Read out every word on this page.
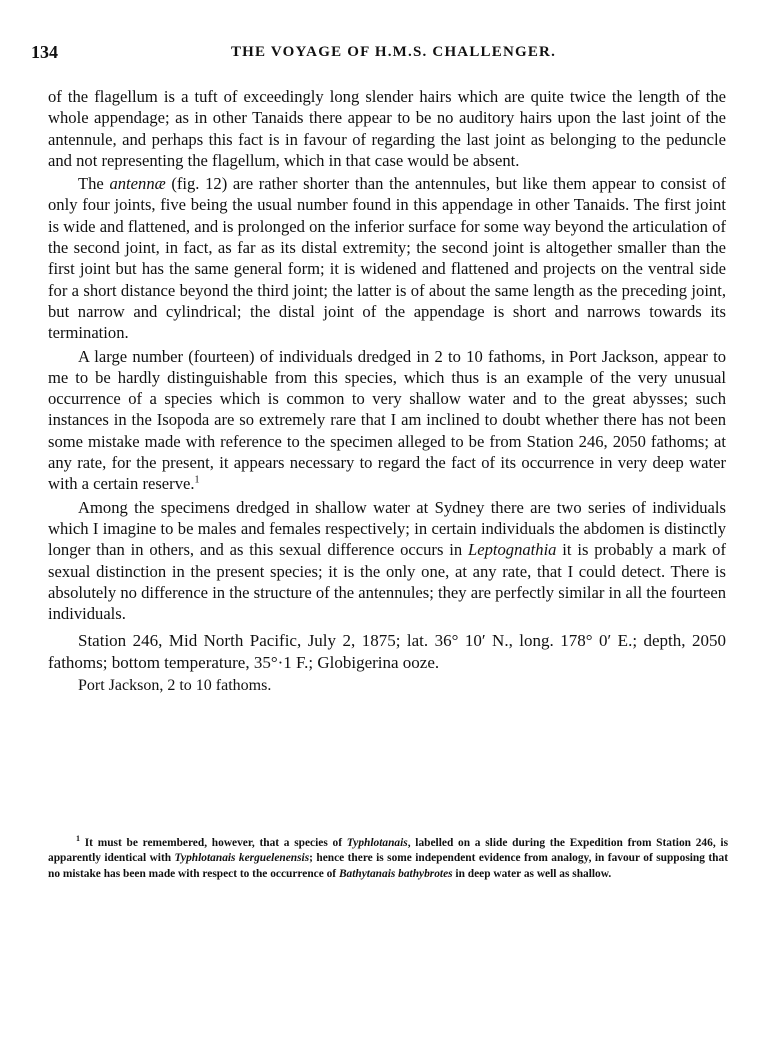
134	THE VOYAGE OF H.M.S. CHALLENGER.

of the flagellum is a tuft of exceedingly long slender hairs which are quite twice the length of the whole appendage; as in other Tanaids there appear to be no auditory hairs upon the last joint of the antennule, and perhaps this fact is in favour of regarding the last joint as belonging to the peduncle and not representing the flagellum, which in that case would be absent.

The antennæ (fig. 12) are rather shorter than the antennules, but like them appear to consist of only four joints, five being the usual number found in this appendage in other Tanaids. The first joint is wide and flattened, and is prolonged on the inferior surface for some way beyond the articulation of the second joint, in fact, as far as its distal extremity; the second joint is altogether smaller than the first joint but has the same general form; it is widened and flattened and projects on the ventral side for a short distance beyond the third joint; the latter is of about the same length as the preceding joint, but narrow and cylindrical; the distal joint of the appendage is short and narrows towards its termination.

A large number (fourteen) of individuals dredged in 2 to 10 fathoms, in Port Jackson, appear to me to be hardly distinguishable from this species, which thus is an example of the very unusual occurrence of a species which is common to very shallow water and to the great abysses; such instances in the Isopoda are so extremely rare that I am inclined to doubt whether there has not been some mistake made with reference to the specimen alleged to be from Station 246, 2050 fathoms; at any rate, for the present, it appears necessary to regard the fact of its occurrence in very deep water with a certain reserve.$^1$

Among the specimens dredged in shallow water at Sydney there are two series of individuals which I imagine to be males and females respectively; in certain individuals the abdomen is distinctly longer than in others, and as this sexual difference occurs in Leptognathia it is probably a mark of sexual distinction in the present species; it is the only one, at any rate, that I could detect. There is absolutely no difference in the structure of the antennules; they are perfectly similar in all the fourteen individuals.

Station 246, Mid North Pacific, July 2, 1875; lat. 36° 10′ N., long. 178° 0′ E.; depth, 2050 fathoms; bottom temperature, 35°·1 F.; Globigerina ooze.

Port Jackson, 2 to 10 fathoms.

$^1$ It must be remembered, however, that a species of Typhlotanais, labelled on a slide during the Expedition from Station 246, is apparently identical with Typhlotanais kerguelenensis; hence there is some independent evidence from analogy, in favour of supposing that no mistake has been made with respect to the occurrence of Bathytanais bathybrotes in deep water as well as shallow.
